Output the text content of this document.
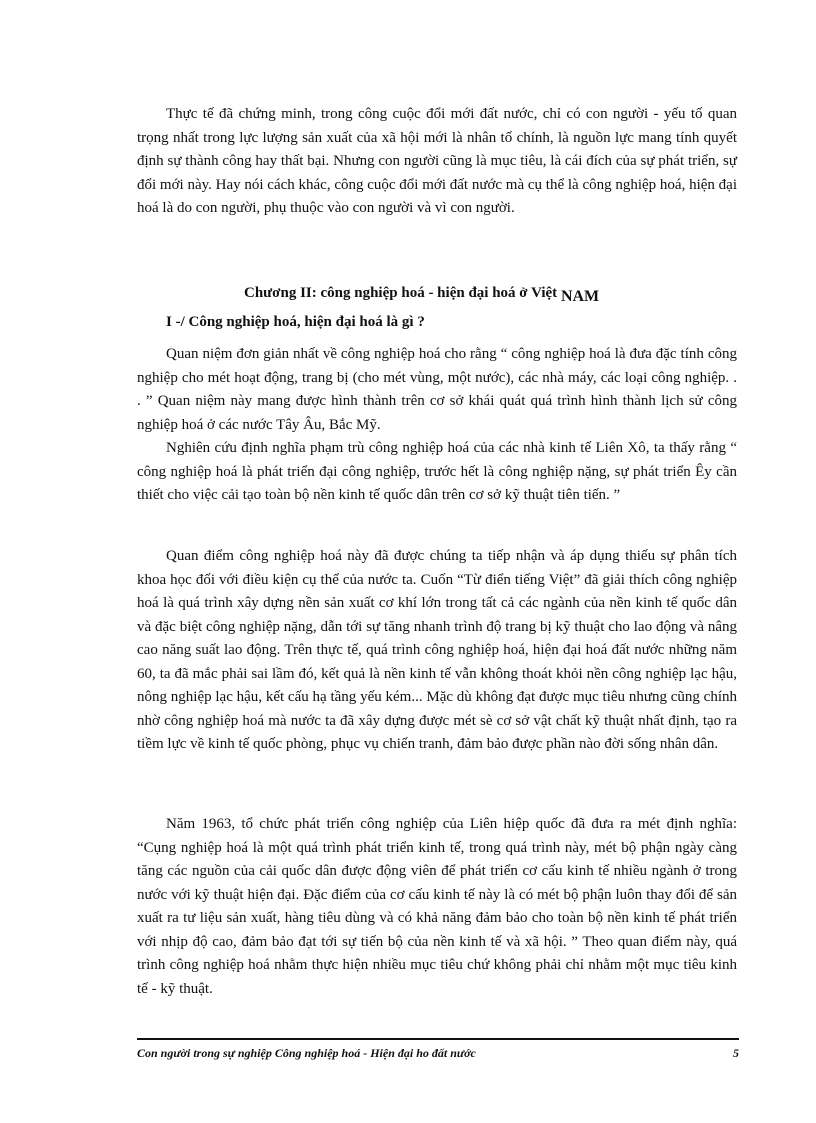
Thực tế đã chứng minh, trong công cuộc đổi mới đất nước, chỉ có con người - yếu tố quan trọng nhất trong lực lượng sản xuất của xã hội mới là nhân tố chính, là nguồn lực mang tính quyết định sự thành công hay thất bại. Nhưng con người cũng là mục tiêu, là cái đích của sự phát triển, sự đổi mới này. Hay nói cách khác, công cuộc đổi mới đất nước mà cụ thể là công nghiệp hoá, hiện đại hoá là do con người, phụ thuộc vào con người và vì con người.

Chương II: công nghiệp hoá - hiện đại hoá ở Việt NAM
I -/ Công nghiệp hoá, hiện đại hoá là gì ?

Quan niệm đơn giản nhất về công nghiệp hoá cho rằng “ công nghiệp hoá là đưa đặc tính công nghiệp cho mét hoạt động, trang bị (cho mét vùng, một nước), các nhà máy, các loại công nghiệp. . . ” Quan niệm này mang được hình thành trên cơ sở khái quát quá trình hình thành lịch sử công nghiệp hoá ở các nước Tây Âu, Bắc Mỹ.

Nghiên cứu định nghĩa phạm trù công nghiệp hoá của các nhà kinh tế Liên Xô, ta thấy rằng “ công nghiệp hoá là phát triển đại công nghiệp, trước hết là công nghiệp nặng, sự phát triển Êy cần thiết cho việc cải tạo toàn bộ nền kinh tế quốc dân trên cơ sở kỹ thuật tiên tiến. ”

Quan điểm công nghiệp hoá này đã được chúng ta tiếp nhận và áp dụng thiếu sự phân tích khoa học đối với điều kiện cụ thể của nước ta. Cuốn “Từ điển tiếng Việt” đã giải thích công nghiệp hoá là quá trình xây dựng nền sản xuất cơ khí lớn trong tất cả các ngành của nền kinh tế quốc dân và đặc biệt công nghiệp nặng, dẫn tới sự tăng nhanh trình độ trang bị kỹ thuật cho lao động và nâng cao năng suất lao động. Trên thực tế, quá trình công nghiệp hoá, hiện đại hoá đất nước những năm 60, ta đã mắc phải sai lầm đó, kết quả là nền kinh tế vẫn không thoát khỏi nền công nghiệp lạc hậu, nông nghiệp lạc hậu, kết cấu hạ tầng yếu kém... Mặc dù không đạt được mục tiêu nhưng cũng chính nhờ công nghiệp hoá mà nước ta đã xây dựng được mét sè cơ sở vật chất kỹ thuật nhất định, tạo ra tiềm lực về kinh tế quốc phòng, phục vụ chiến tranh, đảm bảo được phần nào đời sống nhân dân.

Năm 1963, tổ chức phát triển công nghiệp của Liên hiệp quốc đã đưa ra mét định nghĩa: “Cụng nghiệp hoá là một quá trình phát triển kinh tế, trong quá trình này, mét bộ phận ngày càng tăng các nguồn của cải quốc dân được động viên để phát triển cơ cấu kinh tế nhiều ngành ở trong nước với kỹ thuật hiện đại. Đặc điểm của cơ cấu kinh tế này là có mét bộ phận luôn thay đổi để sản xuất ra tư liệu sản xuất, hàng tiêu dùng và có khả năng đảm bảo cho toàn bộ nền kinh tế phát triển với nhịp độ cao, đảm bảo đạt tới sự tiến bộ của nền kinh tế và xã hội. ” Theo quan điểm này, quá trình công nghiệp hoá nhằm thực hiện nhiều mục tiêu chứ không phải chỉ nhằm một mục tiêu kinh tế - kỹ thuật.

Con người trong sự nghiệp Công nghiệp hoá - Hiện đại ho đất nước	5
